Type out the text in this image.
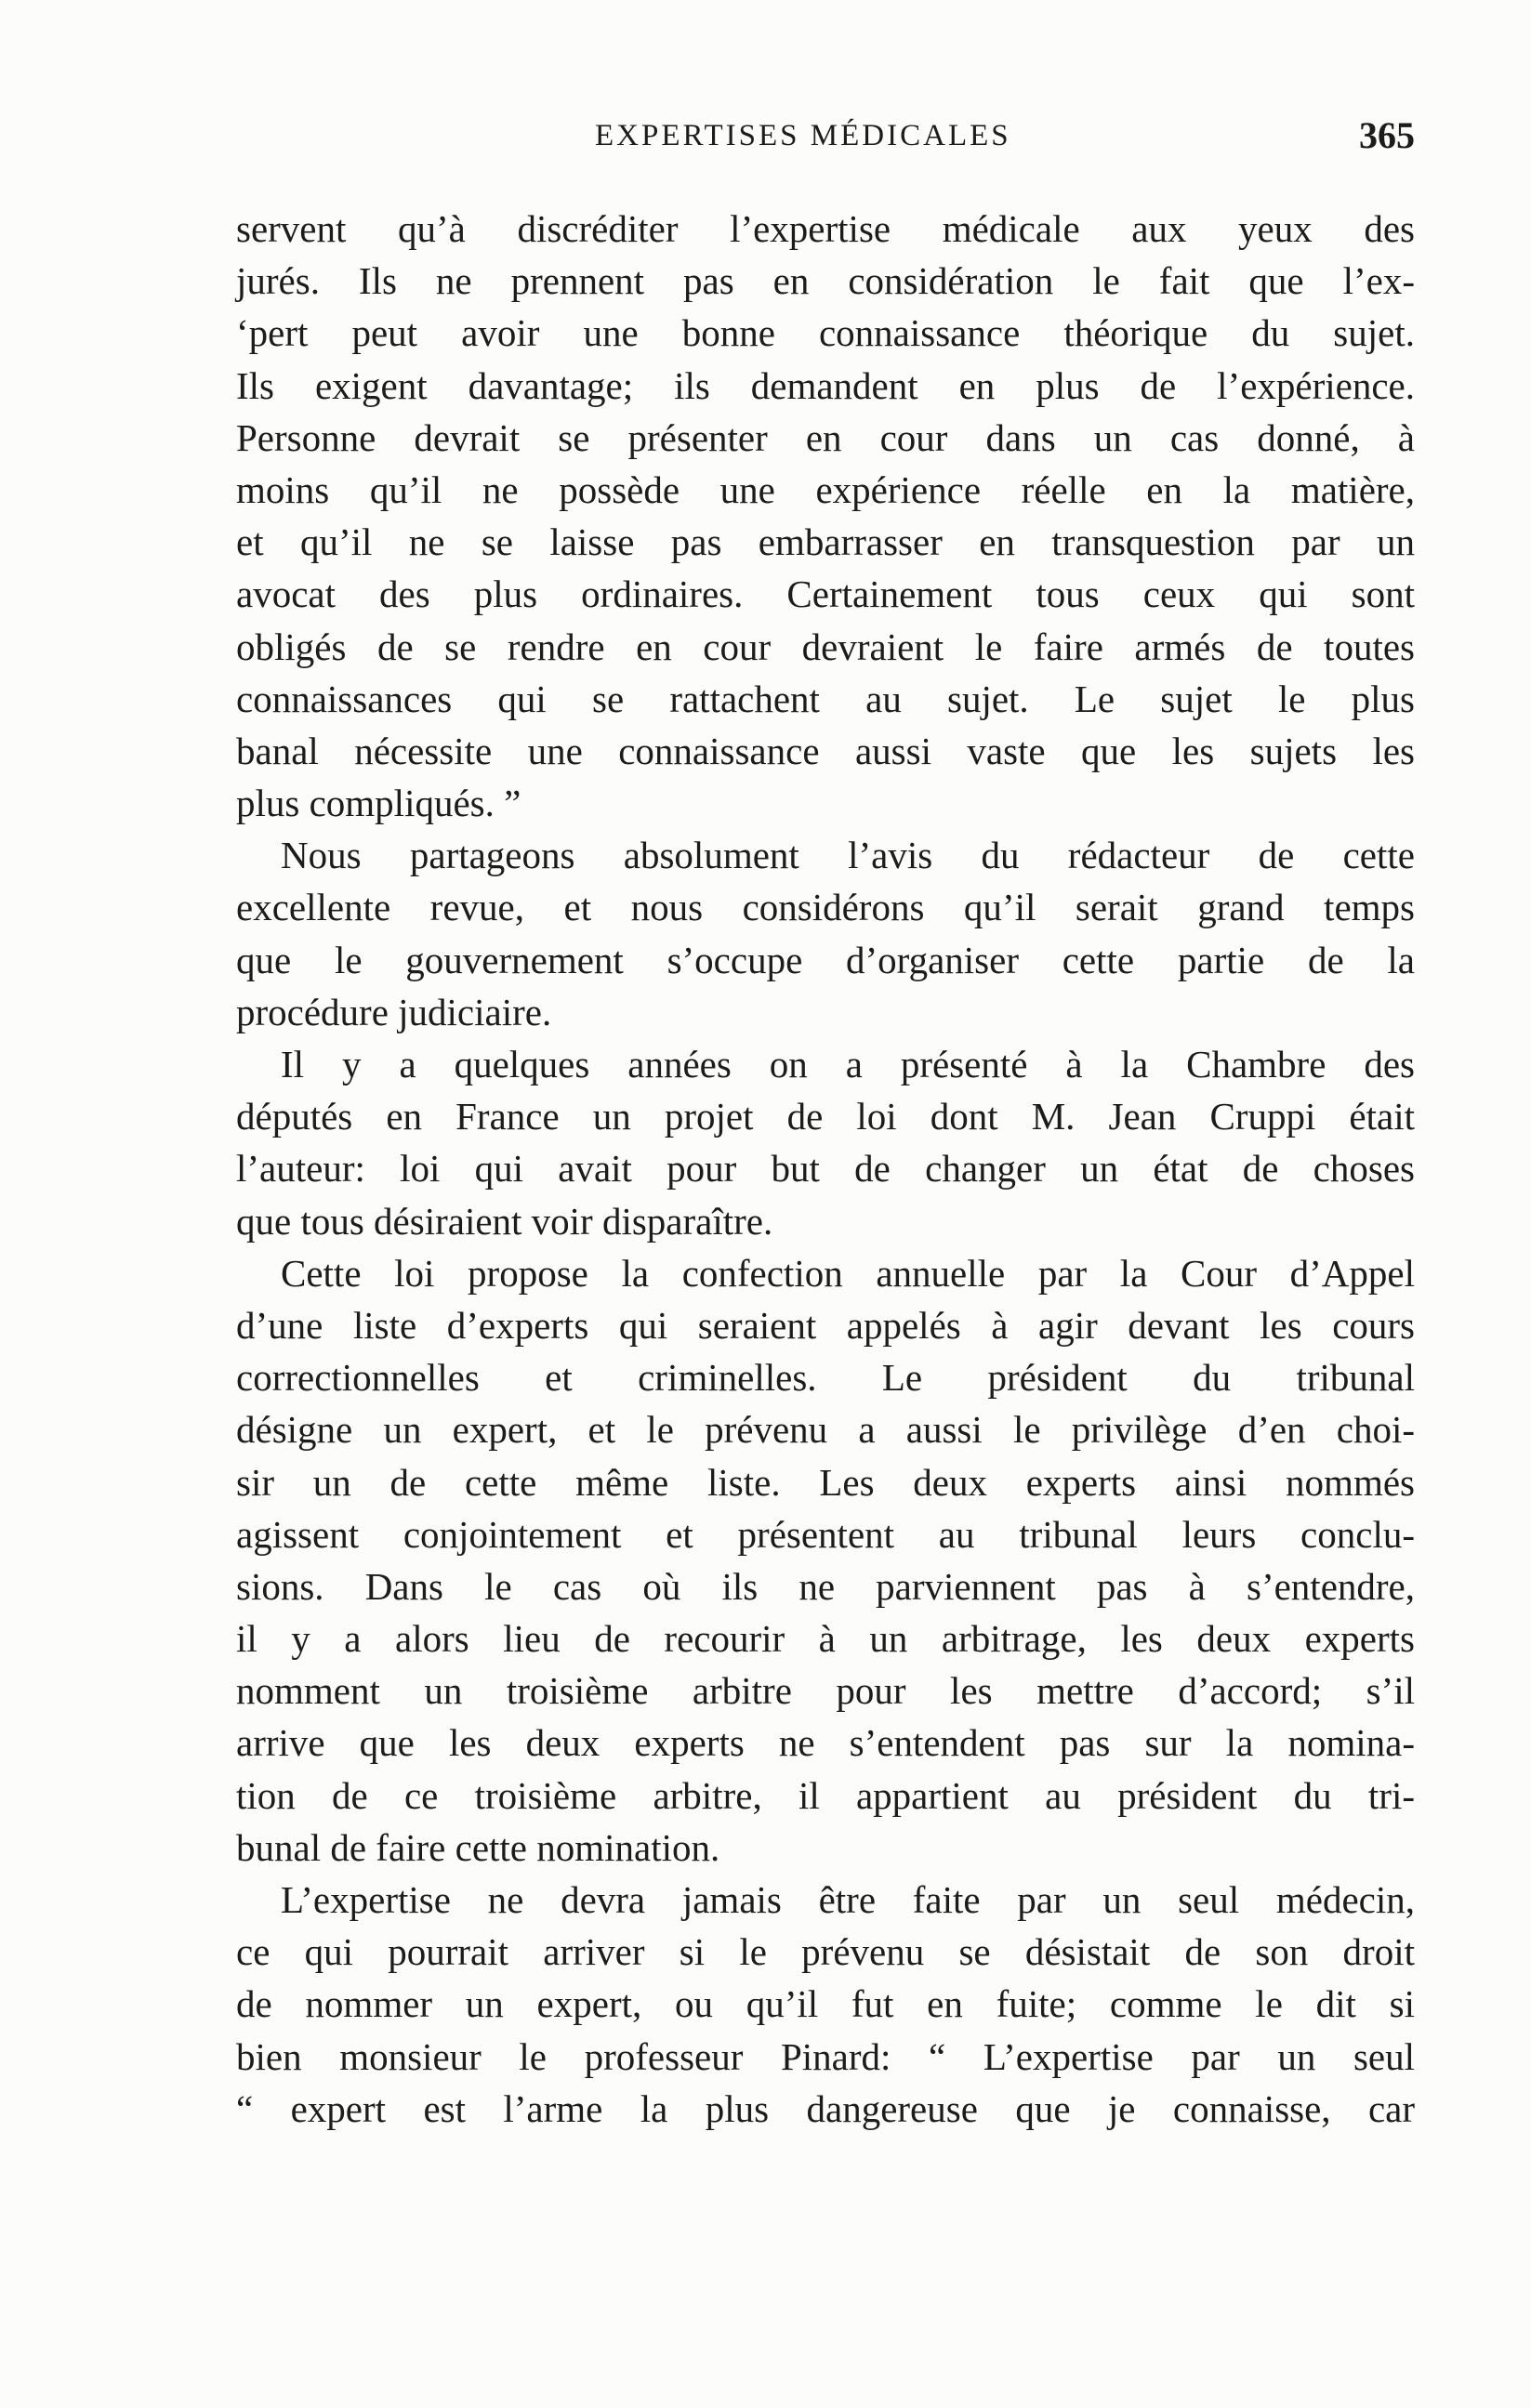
EXPERTISES MÉDICALES	365
servent qu’à discréditer l’expertise médicale aux yeux des
jurés. Ils ne prennent pas en considération le fait que l’ex-
‘pert peut avoir une bonne connaissance théorique du sujet.
Ils exigent davantage; ils demandent en plus de l’expérience.
Personne devrait se présenter en cour dans un cas donné, à
moins qu’il ne possède une expérience réelle en la matière,
et qu’il ne se laisse pas embarrasser en transquestion par un
avocat des plus ordinaires. Certainement tous ceux qui sont
obligés de se rendre en cour devraient le faire armés de toutes
connaissances qui se rattachent au sujet. Le sujet le plus
banal nécessite une connaissance aussi vaste que les sujets les
plus compliqués. ”
Nous partageons absolument l’avis du rédacteur de cette
excellente revue, et nous considérons qu’il serait grand temps
que le gouvernement s’occupe d’organiser cette partie de la
procédure judiciaire.
Il y a quelques années on a présenté à la Chambre des
députés en France un projet de loi dont M. Jean Cruppi était
l’auteur: loi qui avait pour but de changer un état de choses
que tous désiraient voir disparaître.
Cette loi propose la confection annuelle par la Cour d’Appel
d’une liste d’experts qui seraient appelés à agir devant les cours
correctionnelles et criminelles. Le président du tribunal
désigne un expert, et le prévenu a aussi le privilège d’en choi-
sir un de cette même liste. Les deux experts ainsi nommés
agissent conjointement et présentent au tribunal leurs conclu-
sions. Dans le cas où ils ne parviennent pas à s’entendre,
il y a alors lieu de recourir à un arbitrage, les deux experts
nomment un troisième arbitre pour les mettre d’accord; s’il
arrive que les deux experts ne s’entendent pas sur la nomina-
tion de ce troisième arbitre, il appartient au président du tri-
bunal de faire cette nomination.
L’expertise ne devra jamais être faite par un seul médecin,
ce qui pourrait arriver si le prévenu se désistait de son droit
de nommer un expert, ou qu’il fut en fuite; comme le dit si
bien monsieur le professeur Pinard: “ L’expertise par un seul
“ expert est l’arme la plus dangereuse que je connaisse, car
